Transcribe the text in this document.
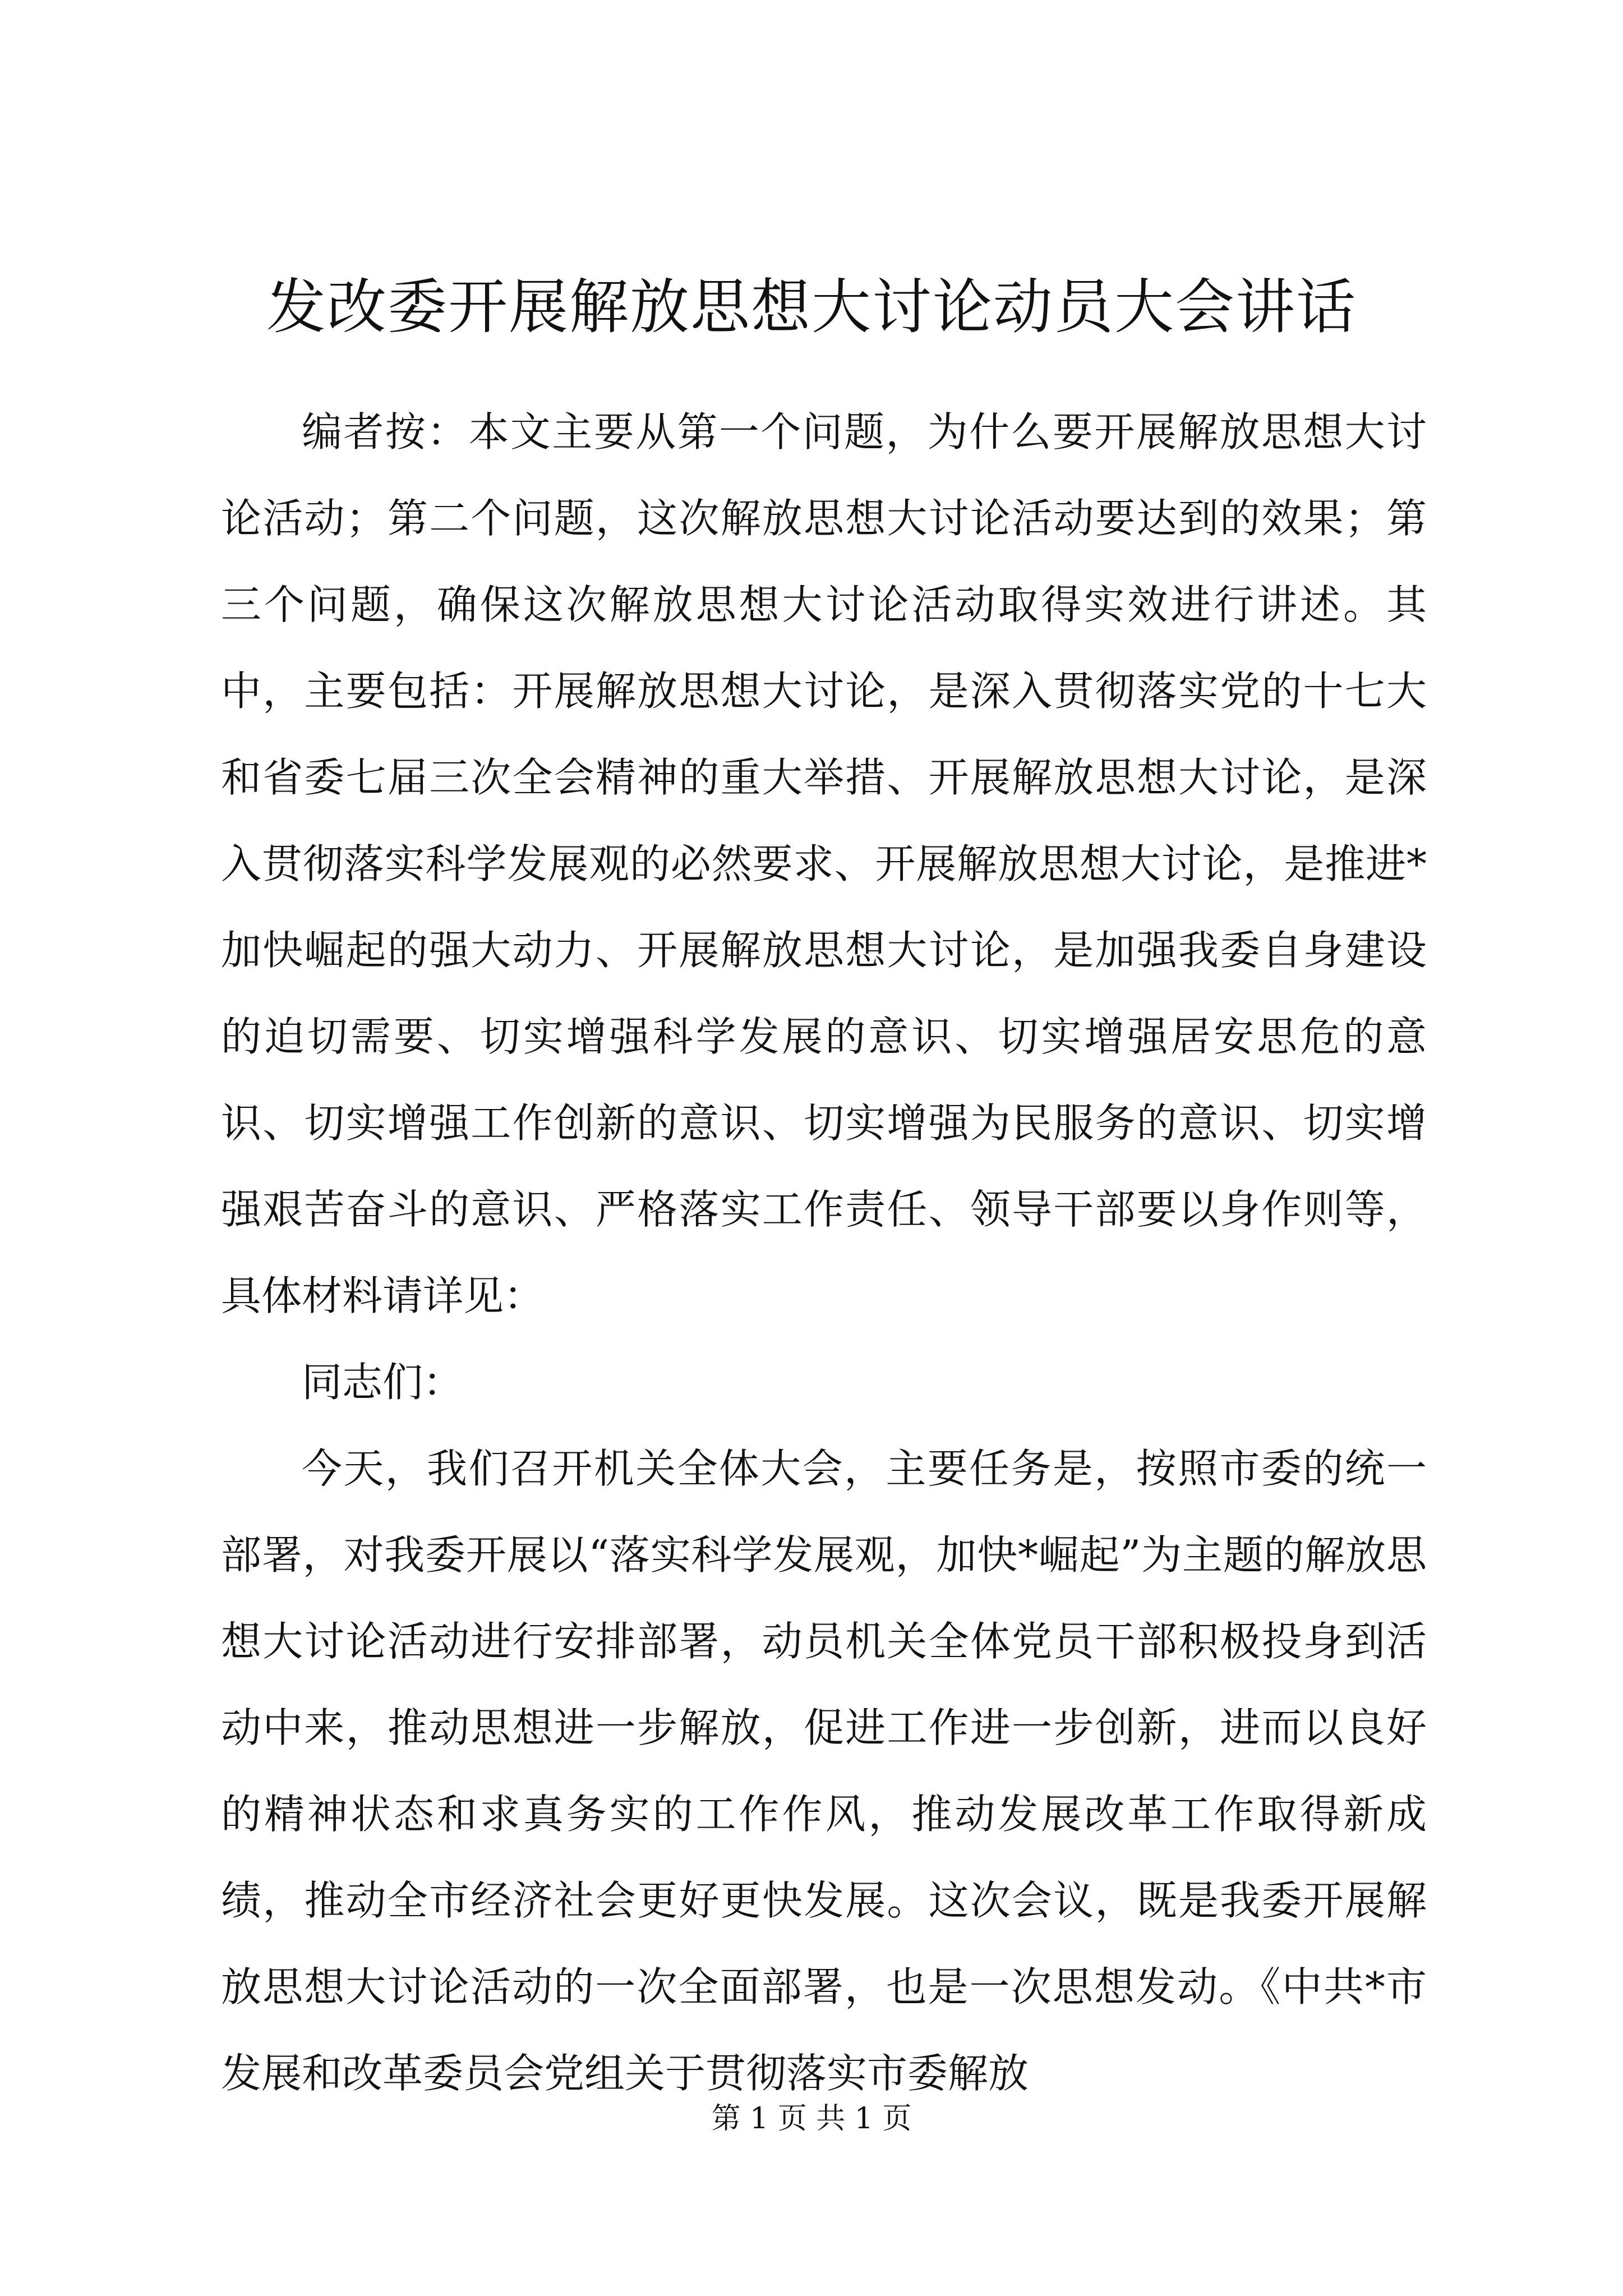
发改委开展解放思想大讨论动员大会讲话

编者按：本文主要从第一个问题，为什么要开展解放思想大讨论活动；第二个问题，这次解放思想大讨论活动要达到的效果；第三个问题，确保这次解放思想大讨论活动取得实效进行讲述。其中，主要包括：开展解放思想大讨论，是深入贯彻落实党的十七大和省委七届三次全会精神的重大举措、开展解放思想大讨论，是深入贯彻落实科学发展观的必然要求、开展解放思想大讨论，是推进*加快崛起的强大动力、开展解放思想大讨论，是加强我委自身建设的迫切需要、切实增强科学发展的意识、切实增强居安思危的意识、切实增强工作创新的意识、切实增强为民服务的意识、切实增强艰苦奋斗的意识、严格落实工作责任、领导干部要以身作则等，具体材料请详见：

同志们：

今天，我们召开机关全体大会，主要任务是，按照市委的统一部署，对我委开展以“落实科学发展观，加快*崛起”为主题的解放思想大讨论活动进行安排部署，动员机关全体党员干部积极投身到活动中来，推动思想进一步解放，促进工作进一步创新，进而以良好的精神状态和求真务实的工作作风，推动发展改革工作取得新成绩，推动全市经济社会更好更快发展。这次会议，既是我委开展解放思想大讨论活动的一次全面部署，也是一次思想发动。《中共*市发展和改革委员会党组关于贯彻落实市委解放

第 1 页 共 1 页
